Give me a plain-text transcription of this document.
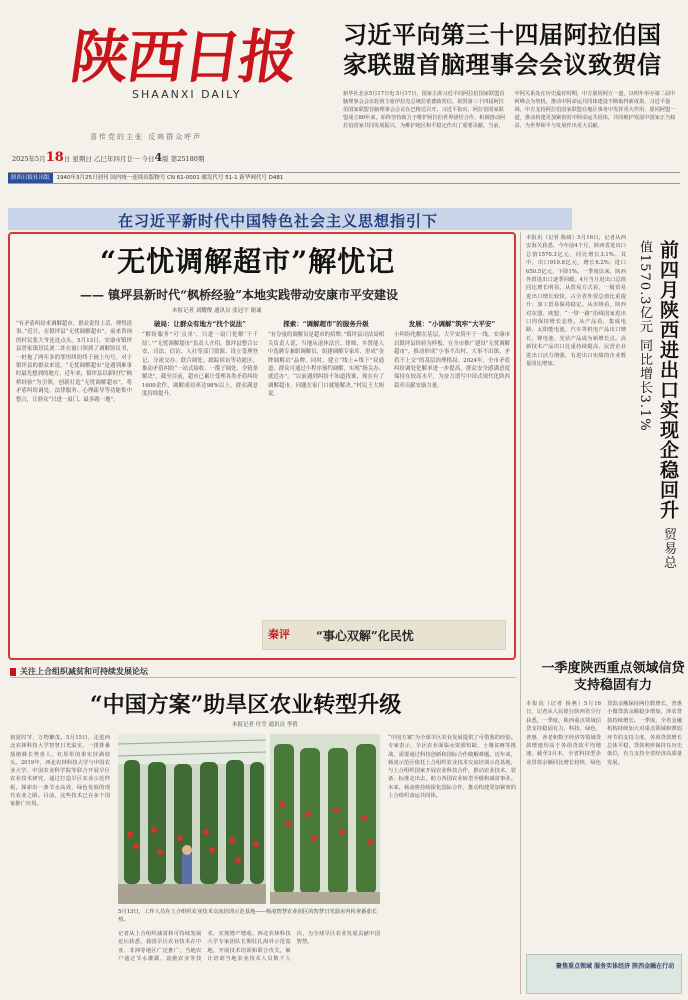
陕西日报
SHAANXI DAILY
喜传党的主张 反映群众呼声
2025年5月18日 星期日 乙巳年四月廿一 今日4版 第25180期
习近平向第三十四届阿拉伯国家联盟首脑理事会会议致贺信
新华社北京5月17日电 5月17日，国家主席习近平向阿拉伯国家联盟首脑理事会会议轮值主席伊拉克总统拉希德致贺信，祝贺第三十四届阿拉伯国家联盟首脑理事会会议在巴格达召开。习近平指出，阿拉伯国家联盟成立80年来，始终坚持致力于维护阿拉伯世界团结合作，积极推动阿拉伯国家共同发展振兴，为维护地区和平稳定作出了重要贡献。当前，中阿关系处在历史最好时期，中方愿同阿方一道，以明年举办第二届中阿峰会为契机，推动中阿命运共同体建设不断取得新成果。习近平强调，中方支持阿拉伯国家联盟在地区事务中发挥更大作用，愿同阿盟一道，推动构建更加紧密的中阿命运共同体，共同维护发展中国家正当权益，为世界和平与发展作出更大贡献。
陕西日报社出版 1940年3月25日创刊 国内统一连续出版物号 CN 61-0001 邮发代号 51-1 新华网代号 D481
在习近平新时代中国特色社会主义思想指引下
“无忧调解超市”解忧记
—— 镇坪县新时代“枫桥经验”本地实践带动安康市平安建设
本报记者 刘耀俊 通讯员 张冠宇 谢诚

“有矛盾纠纷来调解超市，群众说得上话、理得清事。”近日，在镇坪县“无忧调解超市”，前来咨询的村民张大爷连连点头。5月13日，安康市镇坪县曾家镇居民刘二娃在窗口领到了调解协议书，一桩拖了两年多的邻里纠纷终于画上句号。对于镇坪县的群众来说，“无忧调解超市”是遇到难事时最先想到的地方。近年来，镇坪县以新时代“枫桥经验”为引领，创新打造“无忧调解超市”，将矛盾纠纷调处、法律服务、心理疏导等功能集中整合，让群众“只进一扇门、最多跑一地”。

破局：让群众有地方“找个说法”

“解纷服务”可‘点单’，只进一扇门化解‘千千结’。”“无忧调解超市”负责人介绍，镇坪县整合公安、司法、信访、人社等部门资源，设立受理登记、分流交办、联合调处、跟踪回访等功能区，推动矛盾纠纷“一站式接收、一揽子调处、全链条解决”。截至目前，超市已累计受理各类矛盾纠纷1600余件，调解成功率达98%以上，群众满意度持续提升。

探索：“调解超市”的服务升级

“有分量的调解员是超市的招牌。”镇坪县司法局相关负责人说，当地从退休法官、律师、乡贤能人中选聘专兼职调解员，组建调解专家库，形成“金牌调解员”品牌。同时，建立“线上+线下”双通道，群众可通过小程序预约调解，实现“指尖办、就近办”。“以前遇到纠纷不知道找谁，现在有了调解超市，问题在家门口就能解决。”村民王大姐说。

发展：“小调解”筑牢“大平安”

小纠纷化解在基层，大平安筑牢于一线。安康市以镇坪县经验为样板，在全市推广建设“无忧调解超市”，推动形成“小事不出村、大事不出镇、矛盾不上交”的基层治理格局。2024年，全市矛盾纠纷调处化解率进一步提高，群众安全感满意度保持在较高水平，为奋力谱写中国式现代化陕西篇章贡献安康力量。

秦评	“事心双解”化民忧
本报讯（记者 陈绮）5月16日，记者从西安海关获悉，今年前4个月，陕西省进出口总值1570.3亿元，同比增长3.1%。其中，出口919.8亿元，增长6.2%；进口650.5亿元，下降1%。一季度以来，陕西外贸进出口逐季回暖，4月当月进出口总值同比增长明显。从贸易方式看，一般贸易进出口增长较快，占全省外贸总值比重提升；加工贸易保持稳定。从市场看，陕西对东盟、欧盟、“一带一路”沿线国家进出口均保持增长态势。从产品看，集成电路、太阳能电池、汽车等机电产品出口增长，锂电池、光伏产品成为新增长点。高新技术产品出口比重持续提高，民营企业进出口活力增强，有进出口实绩的企业数量同比增加。	前四月陕西进出口实现企稳回升 贸易总值1570.3亿元 同比增长3.1%
一季度陕西重点领域信贷支持稳固有力
本报讯（记者 杨燕）5月16日，记者从人民银行陕西省分行获悉，一季度，陕西重点领域信贷支持稳固有力，科技、绿色、普惠、养老和数字经济等领域贷款增速均高于各项贷款平均增速。截至3月末，全省科技型企业贷款余额同比增长较快，绿色贷款余额保持两位数增长，普惠小微贷款余额稳步增加，涉农贷款持续增长。一季度，全省金融机构持续加大对重点领域和薄弱环节的支持力度，各项贷款增长总体平稳，贷款利率保持在历史低位，有力支持全省经济高质量发展。
聚焦重点领域 服务实体经济 陕西金融在行动
关注上合组织减贫和可持续发展论坛
“中国方案”助旱区农业转型升级
本报记者 付莹 通讯员 李倩
初夏时节，万物繁茂。5月15日，走进西北农林科技大学智慧日光温室，一排排番茄植株长势喜人，红彤彤的果实挂满枝头。2019年，西北农林科技大学与中国农业大学、中国农业科学院等联合开展旱区农业技术研究，通过打造旱区农业示范样板，探索出一条节水高效、绿色发展的现代农业之路。目前，这些技术已在多个国家推广应用。
5月13日，工作人员在上合组织农业技术交流培训示范基地——杨凌智慧农业园区的智慧日光温室内检查番茄长势。
记者从上合组织减贫和可持续发展论坛获悉，我国旱区农业技术在中亚、非洲等地区广泛推广，当地农户通过节水灌溉、设施农业等技术，实现增产增收。西北农林科技大学专家团队长期驻扎海外示范基地，开展技术培训和联合攻关，累计培训当地农业技术人员数千人次，为全球旱区农业发展贡献中国智慧。
“中国方案”为全球旱区农业发展提供了可借鉴的经验。专家表示，旱区农业面临水资源短缺、土壤贫瘠等挑战，需要通过科技创新和国际合作破解难题。近年来，杨凌示范区依托上合组织农业技术交流培训示范基地，与上合组织国家开展农业科技合作，推动农业技术、装备、标准走出去，助力各国农业转型升级和减贫事业。未来，杨凌将持续深化国际合作，推动构建更加紧密的上合组织命运共同体。
